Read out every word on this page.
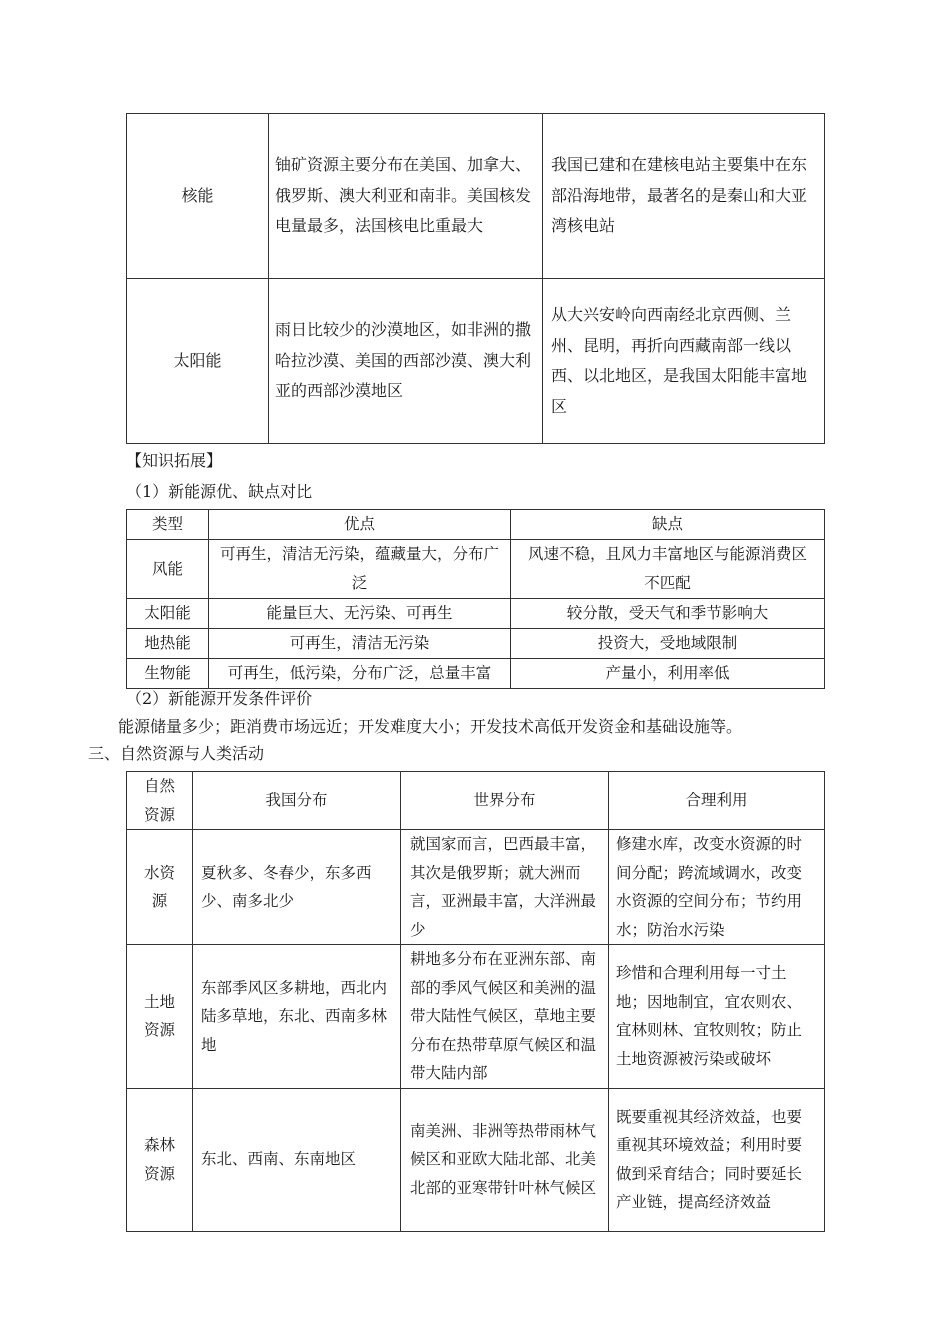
核能	铀矿资源主要分布在美国、加拿大、俄罗斯、澳大利亚和南非。美国核发电量最多，法国核电比重最大	我国已建和在建核电站主要集中在东部沿海地带，最著名的是秦山和大亚湾核电站
太阳能	雨日比较少的沙漠地区，如非洲的撒哈拉沙漠、美国的西部沙漠、澳大利亚的西部沙漠地区	从大兴安岭向西南经北京西侧、兰州、昆明，再折向西藏南部一线以西、以北地区，是我国太阳能丰富地区
【知识拓展】
（1）新能源优、缺点对比
类型	优点	缺点
风能	可再生，清洁无污染，蕴藏量大，分布广泛	风速不稳，且风力丰富地区与能源消费区不匹配
太阳能	能量巨大、无污染、可再生	较分散，受天气和季节影响大
地热能	可再生，清洁无污染	投资大，受地域限制
生物能	可再生，低污染，分布广泛，总量丰富	产量小，利用率低
（2）新能源开发条件评价
能源储量多少；距消费市场远近；开发难度大小；开发技术高低开发资金和基础设施等。
三、自然资源与人类活动
自然资源	我国分布	世界分布	合理利用
水资源	夏秋多、冬春少，东多西少、南多北少	就国家而言，巴西最丰富，其次是俄罗斯；就大洲而言，亚洲最丰富，大洋洲最少	修建水库，改变水资源的时间分配；跨流域调水，改变水资源的空间分布；节约用水；防治水污染
土地资源	东部季风区多耕地，西北内陆多草地，东北、西南多林地	耕地多分布在亚洲东部、南部的季风气候区和美洲的温带大陆性气候区，草地主要分布在热带草原气候区和温带大陆内部	珍惜和合理利用每一寸土地；因地制宜，宜农则农、宜林则林、宜牧则牧；防止土地资源被污染或破坏
森林资源	东北、西南、东南地区	南美洲、非洲等热带雨林气候区和亚欧大陆北部、北美北部的亚寒带针叶林气候区	既要重视其经济效益，也要重视其环境效益；利用时要做到采育结合；同时要延长产业链，提高经济效益
